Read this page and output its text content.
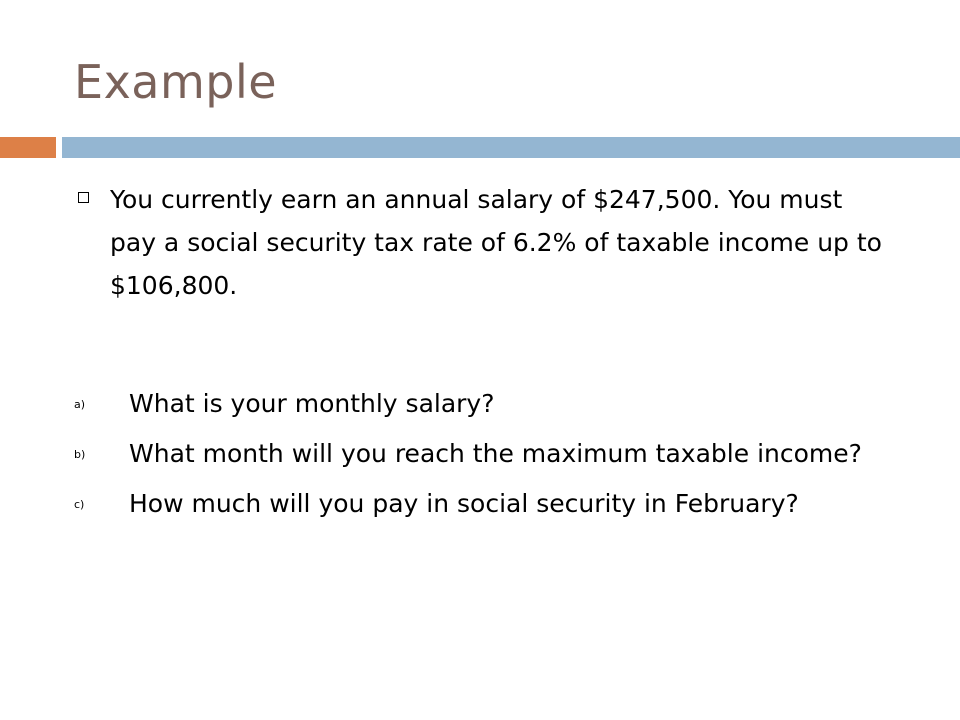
Example
You currently earn an annual salary of $247,500. You must pay a social security tax rate of 6.2% of taxable income up to $106,800.
a) What is your monthly salary?
b) What month will you reach the maximum taxable income?
c) How much will you pay in social security in February?
